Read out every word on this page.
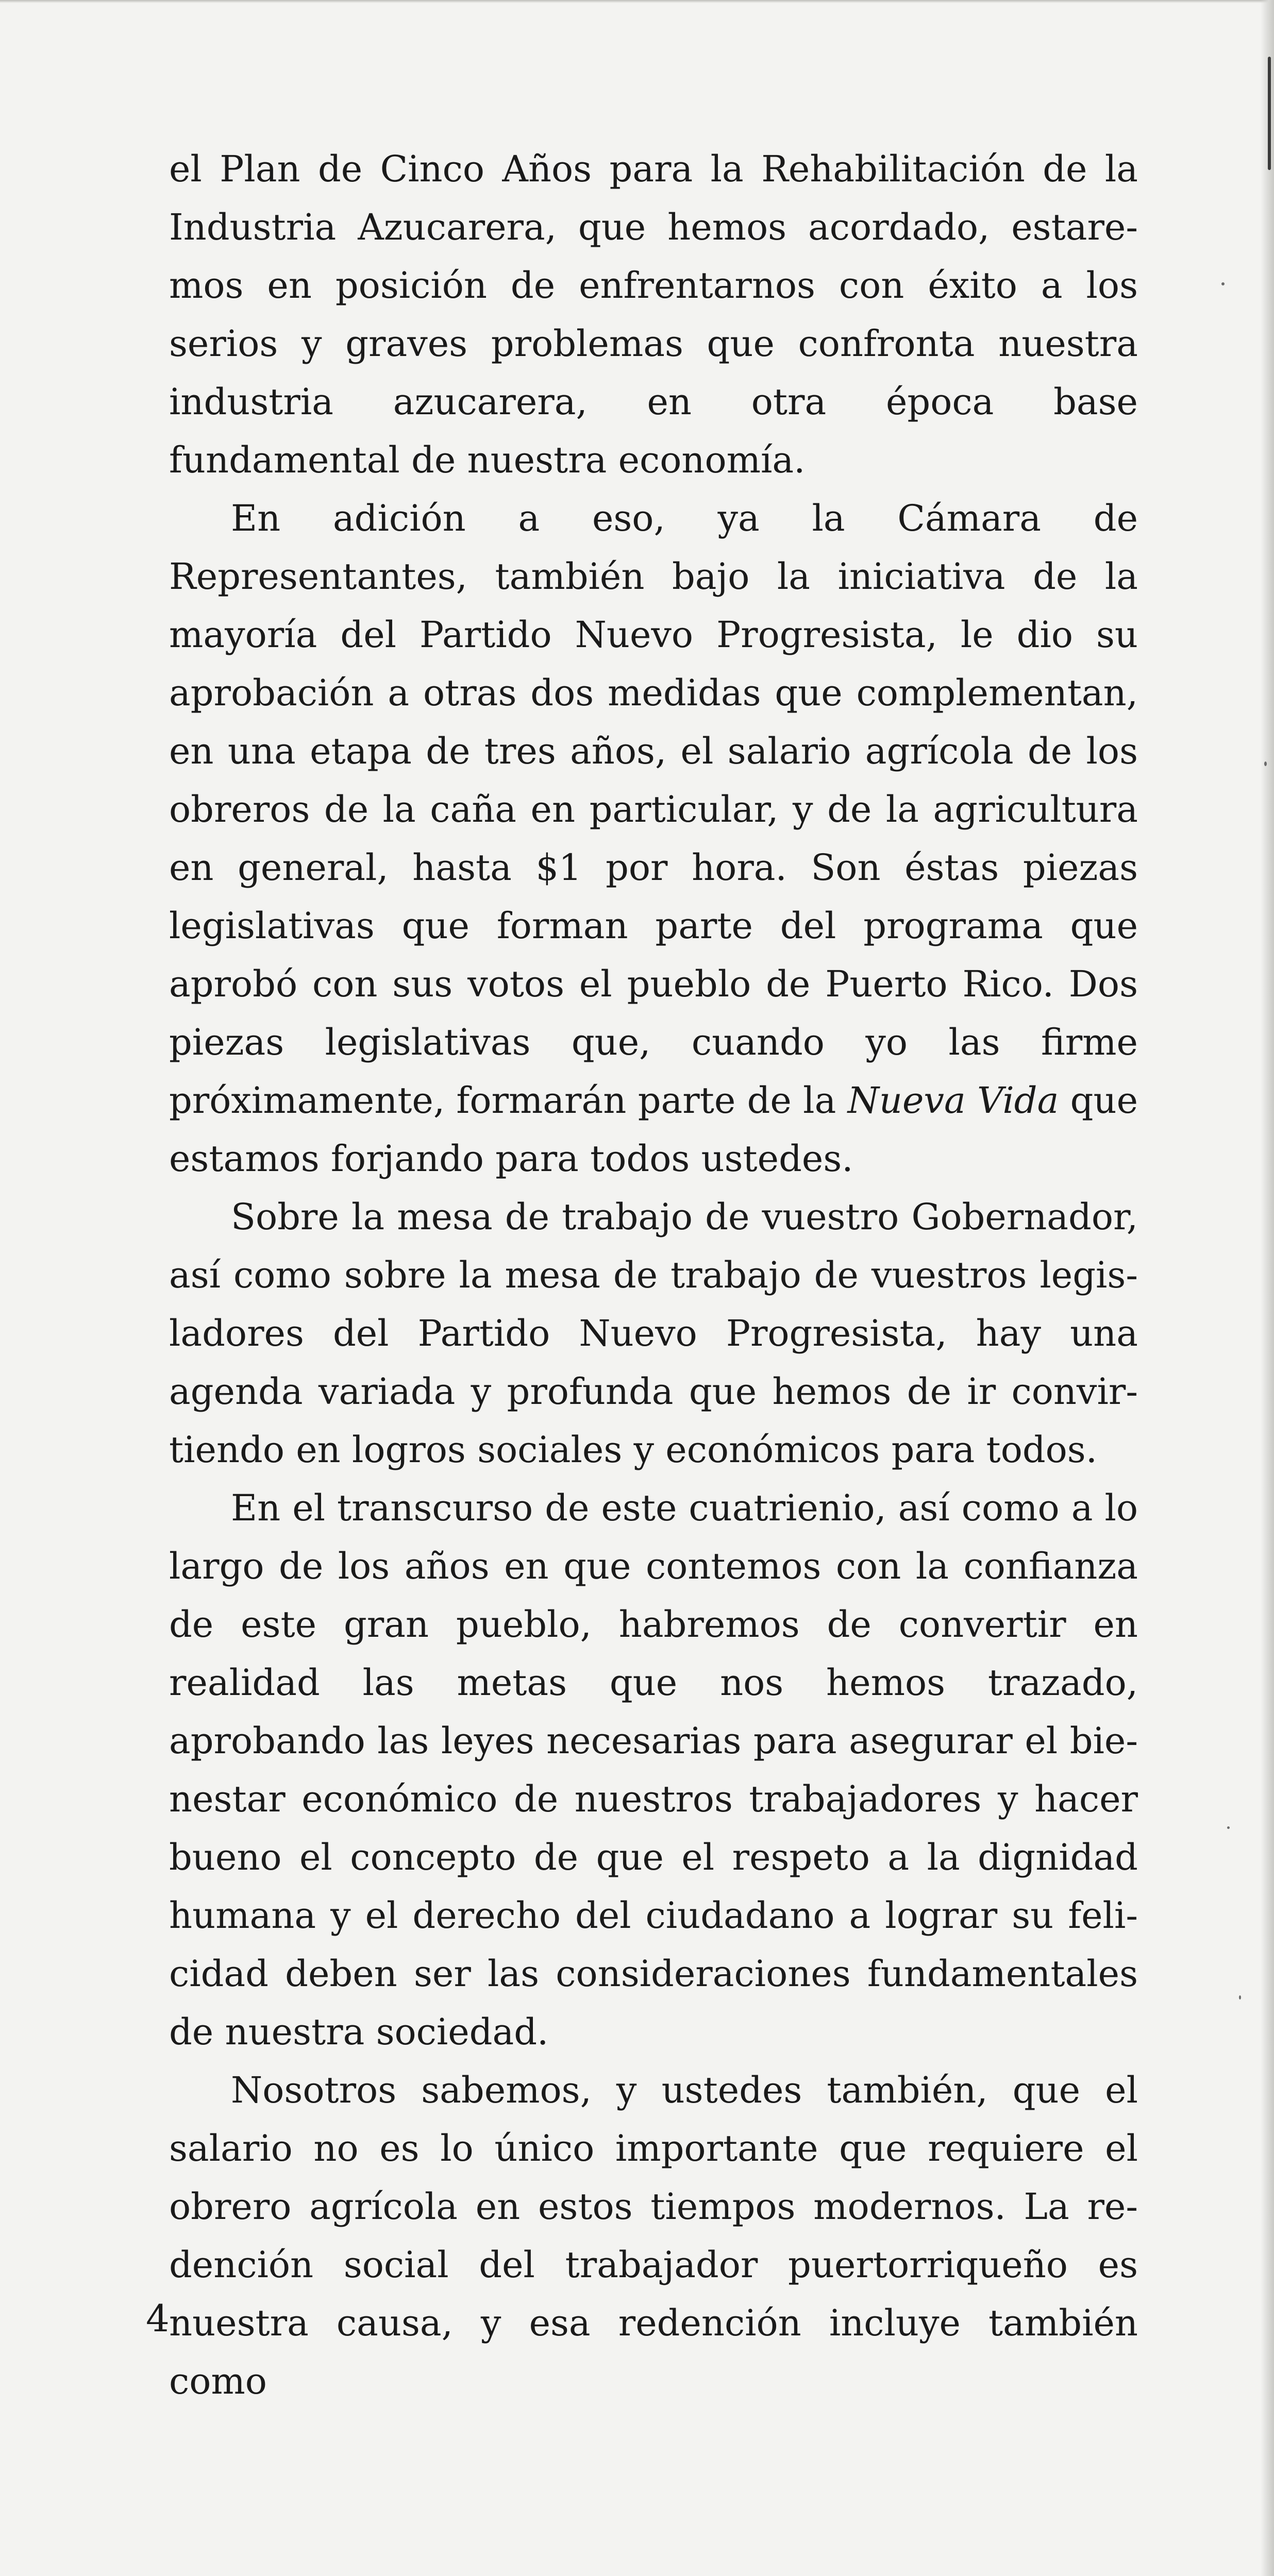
el Plan de Cinco Años para la Rehabilitación de la Industria Azucarera, que hemos acordado, estaremos en posición de enfrentarnos con éxito a los serios y graves problemas que confronta nuestra industria azucarera, en otra época base fundamental de nuestra economía.

En adición a eso, ya la Cámara de Representantes, también bajo la iniciativa de la mayoría del Partido Nuevo Progresista, le dio su aprobación a otras dos medidas que complementan, en una etapa de tres años, el salario agrícola de los obreros de la caña en particular, y de la agricultura en general, hasta $1 por hora. Son éstas piezas legislativas que forman parte del programa que aprobó con sus votos el pueblo de Puerto Rico. Dos piezas legislativas que, cuando yo las firme próximamente, formarán parte de la Nueva Vida que estamos forjando para todos ustedes.

Sobre la mesa de trabajo de vuestro Gobernador, así como sobre la mesa de trabajo de vuestros legisladores del Partido Nuevo Progresista, hay una agenda variada y profunda que hemos de ir convirtiendo en logros sociales y económicos para todos.

En el transcurso de este cuatrienio, así como a lo largo de los años en que contemos con la confianza de este gran pueblo, habremos de convertir en realidad las metas que nos hemos trazado, aprobando las leyes necesarias para asegurar el bienestar económico de nuestros trabajadores y hacer bueno el concepto de que el respeto a la dignidad humana y el derecho del ciudadano a lograr su felicidad deben ser las consideraciones fundamentales de nuestra sociedad.

Nosotros sabemos, y ustedes también, que el salario no es lo único importante que requiere el obrero agrícola en estos tiempos modernos. La redención social del trabajador puertorriqueño es nuestra causa, y esa redención incluye también como

4
